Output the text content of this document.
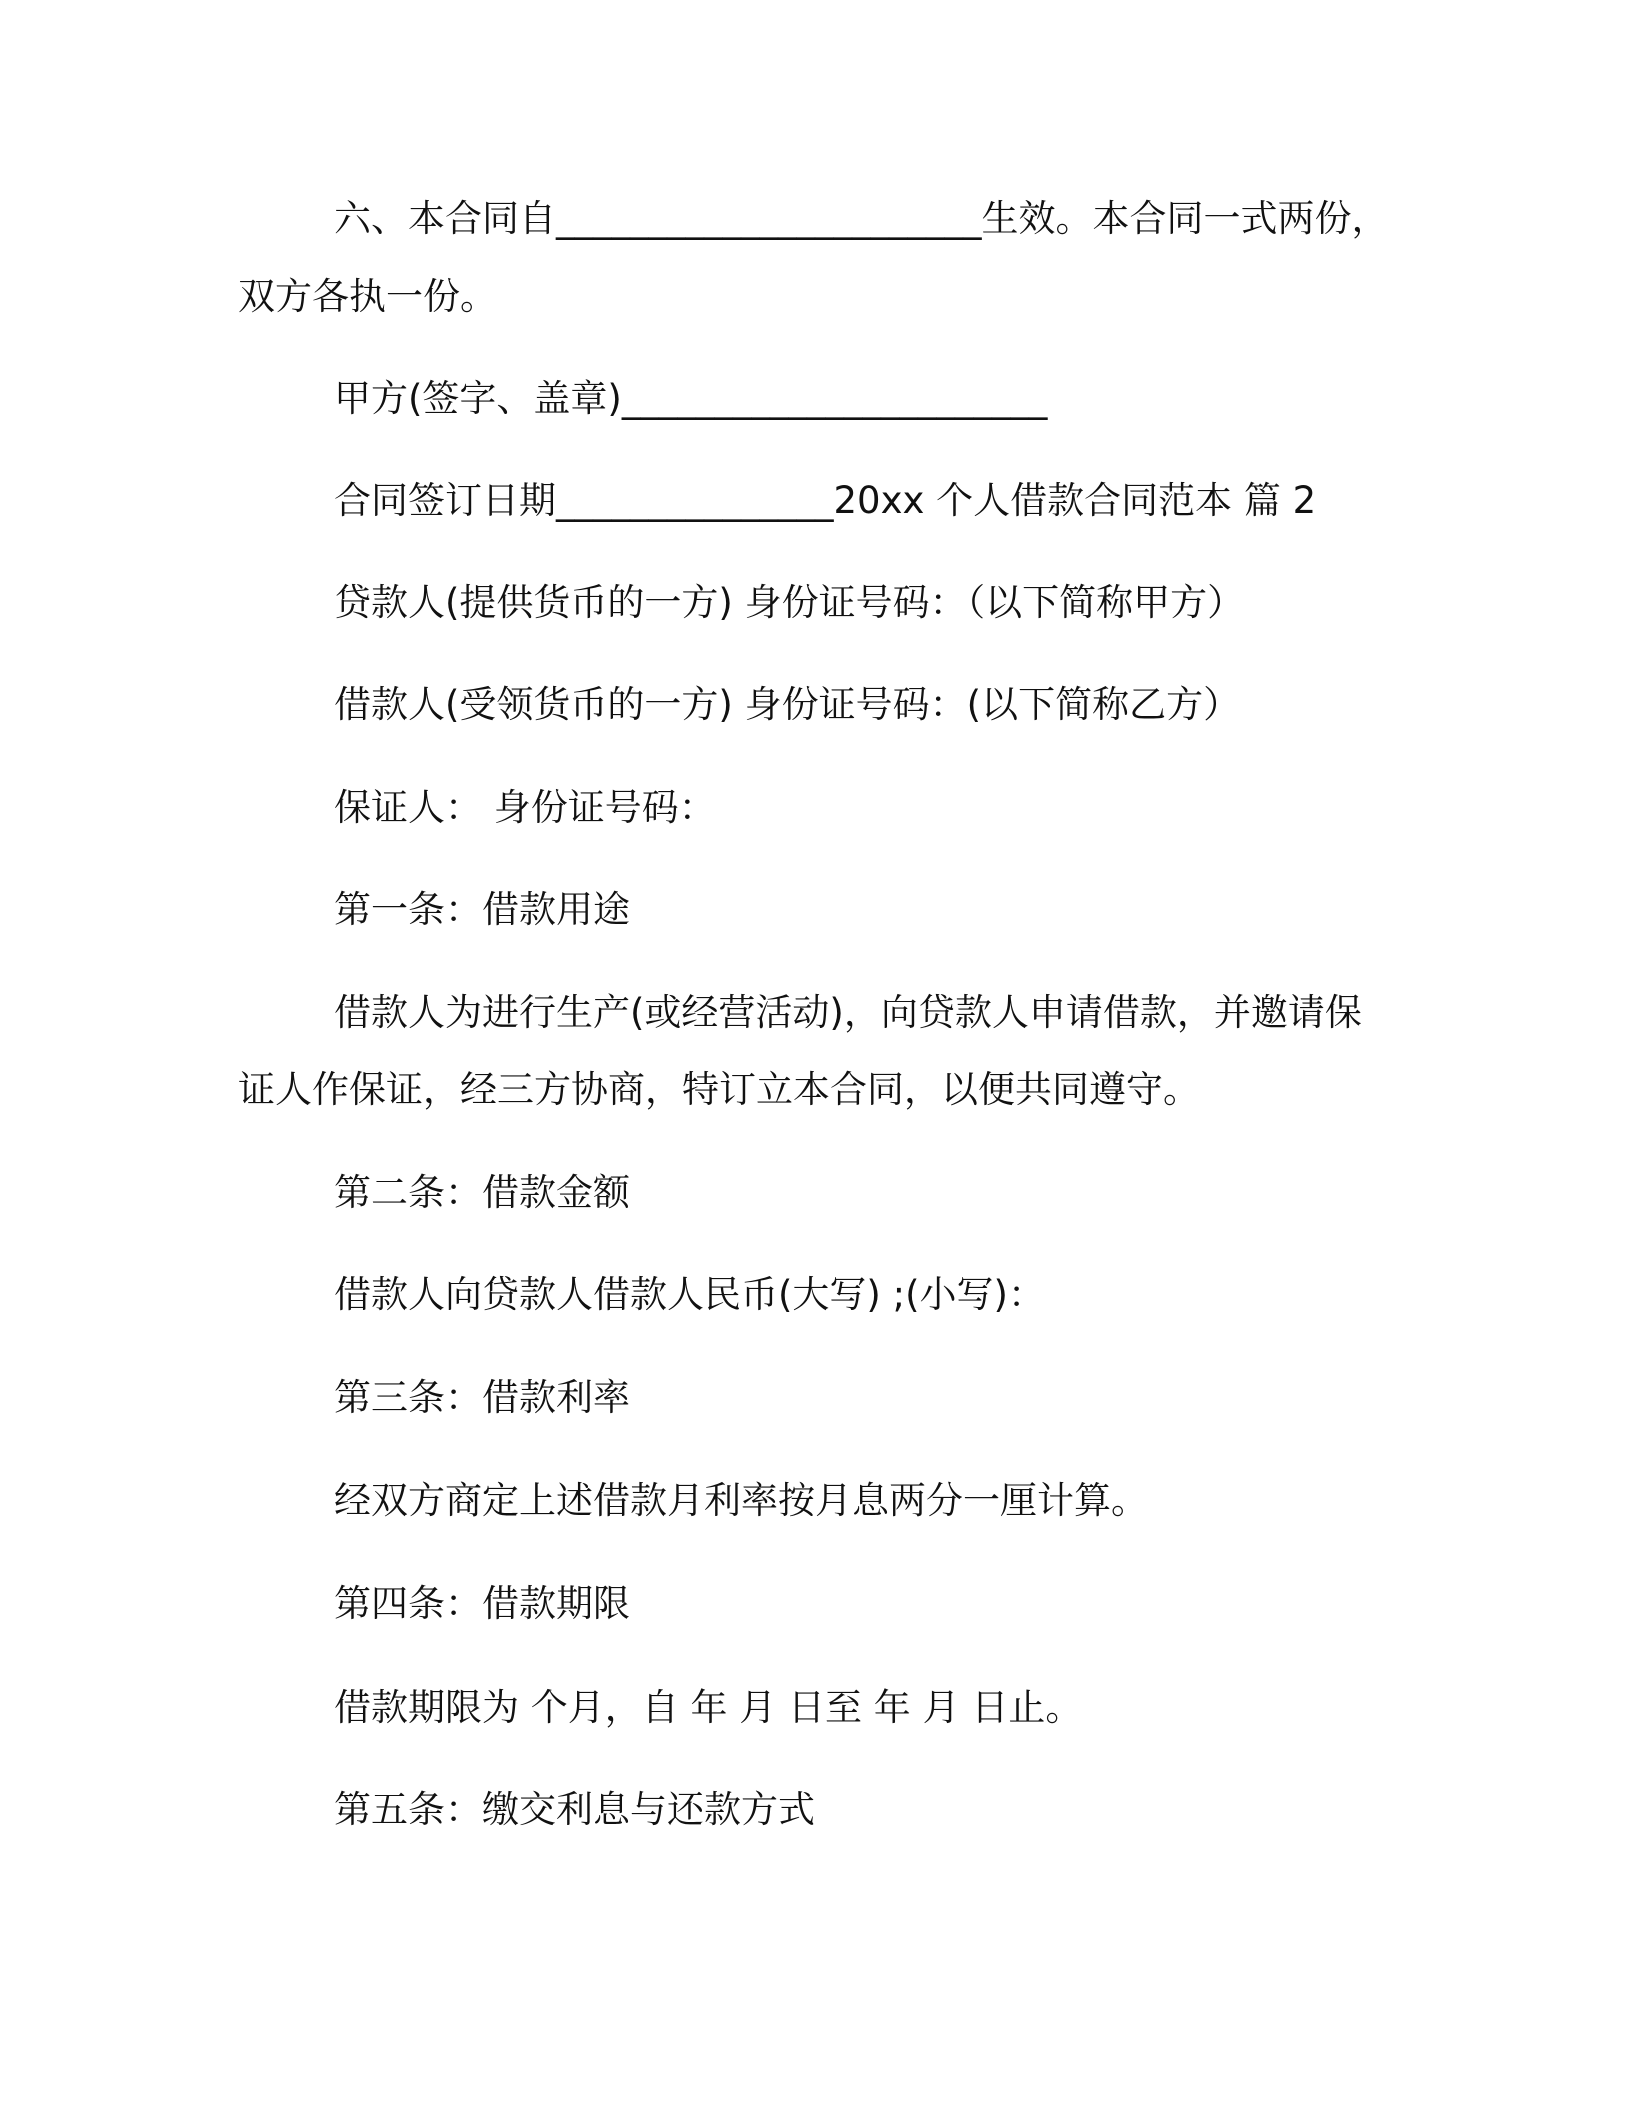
六、本合同自_______________________生效。本合同一式两份，
双方各执一份。
甲方(签字、盖章)_______________________
合同签订日期_______________20xx 个人借款合同范本 篇 2
贷款人(提供货币的一方) 身份证号码：（以下简称甲方）
借款人(受领货币的一方) 身份证号码：(以下简称乙方）
保证人： 身份证号码：
第一条：借款用途
借款人为进行生产(或经营活动)，向贷款人申请借款，并邀请保
证人作保证，经三方协商，特订立本合同，以便共同遵守。
第二条：借款金额
借款人向贷款人借款人民币(大写) ;(小写)：
第三条：借款利率
经双方商定上述借款月利率按月息两分一厘计算。
第四条：借款期限
借款期限为 个月，自 年 月 日至 年 月 日止。
第五条：缴交利息与还款方式
